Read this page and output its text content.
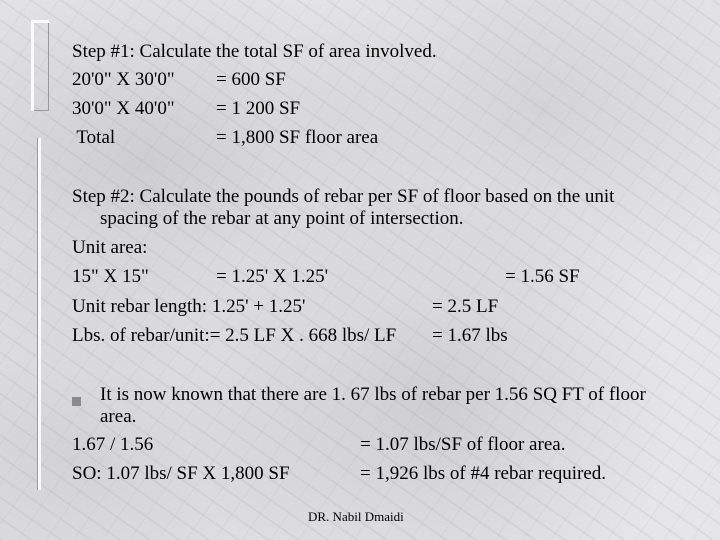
Step #1: Calculate the total SF of area involved.
20'0" X 30'0" = 600 SF
30'0" X 40'0" = 1 200 SF
Total	= 1,800 SF floor area
Step #2: Calculate the pounds of rebar per SF of floor based on the unit
spacing of the rebar at any point of intersection.
Unit area:
15" X 15"	= 1.25' X 1.25'	= 1.56 SF
Unit rebar length: 1.25' + 1.25'	= 2.5 LF
Lbs. of rebar/unit:= 2.5 LF X . 668 lbs/ LF = 1.67 lbs
It is now known that there are 1. 67 lbs of rebar per 1.56 SQ FT of floor
area.
1.67 / 1.56	= 1.07 lbs/SF of floor area.
SO: 1.07 lbs/ SF X 1,800 SF	= 1,926 lbs of #4 rebar required.
DR. Nabil Dmaidi
